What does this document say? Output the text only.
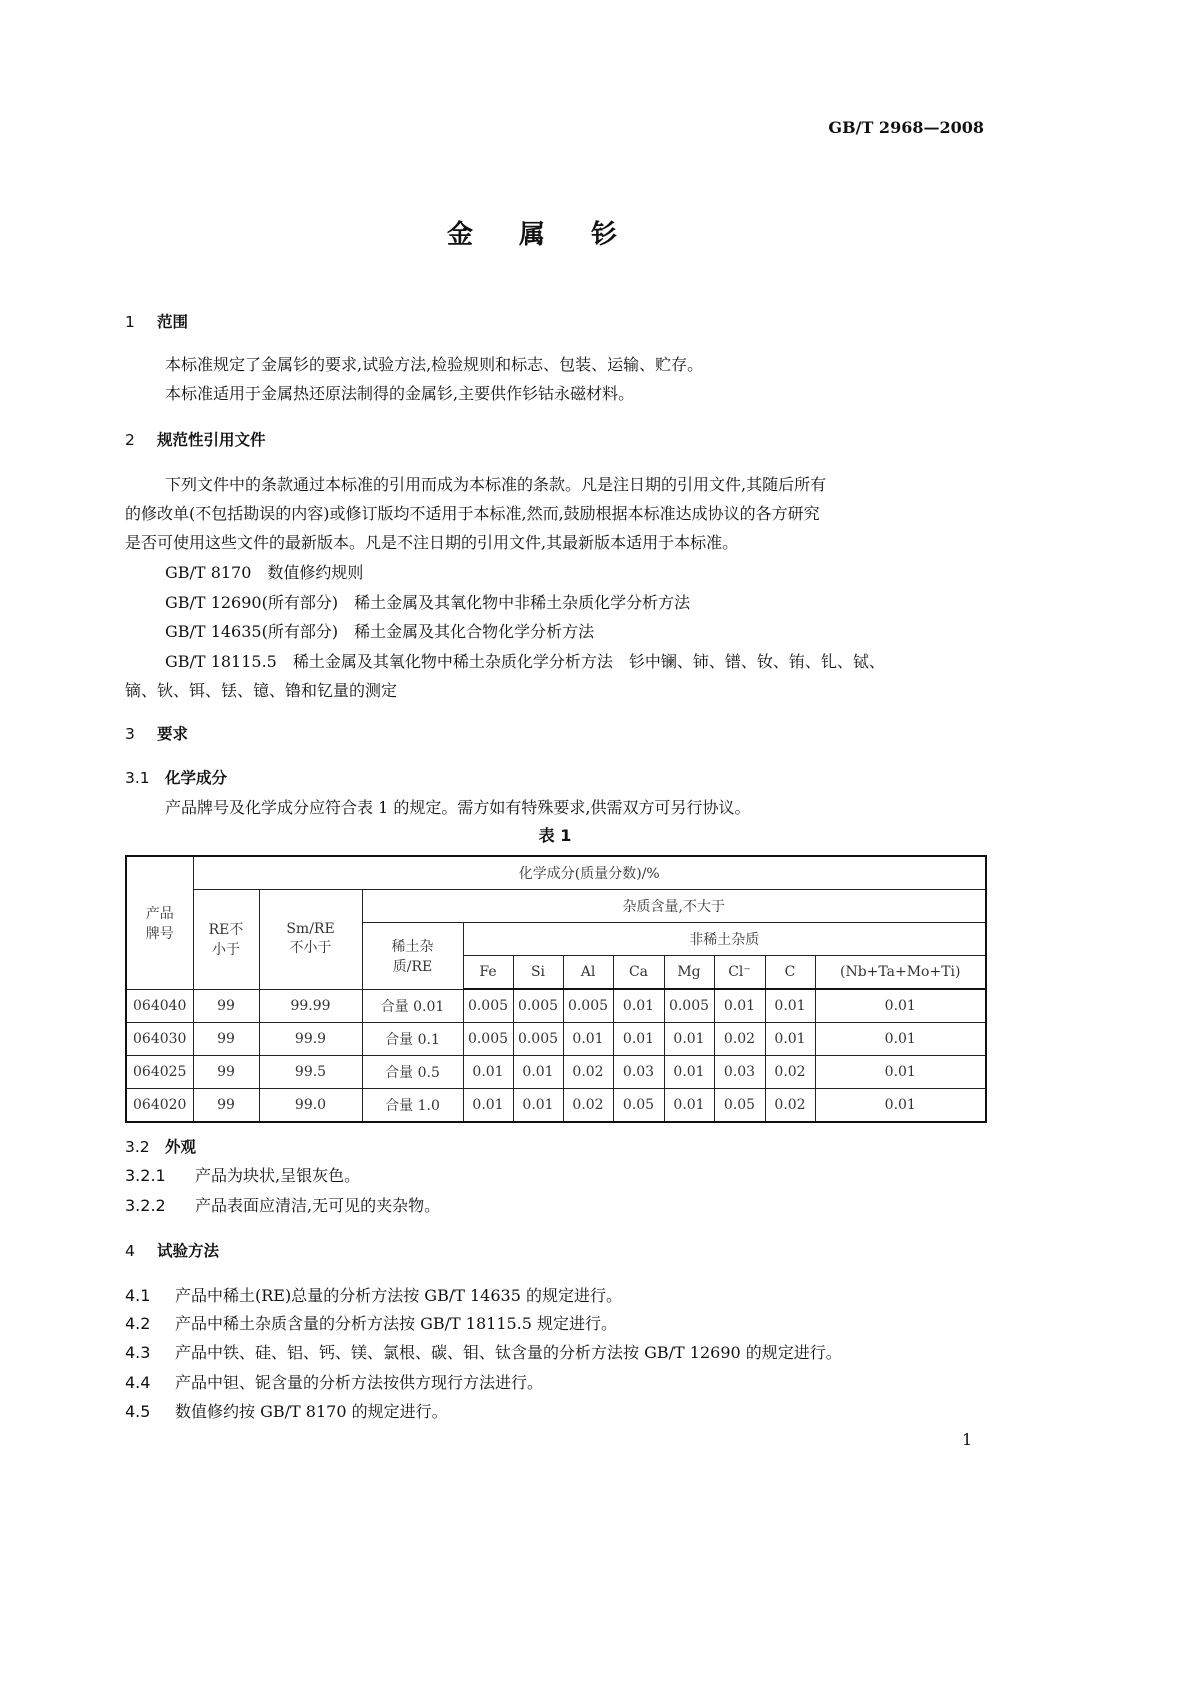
GB/T 2968—2008
金属钐
1 范围
本标准规定了金属钐的要求,试验方法,检验规则和标志、包装、运输、贮存。
本标准适用于金属热还原法制得的金属钐,主要供作钐钴永磁材料。
2 规范性引用文件
下列文件中的条款通过本标准的引用而成为本标准的条款。凡是注日期的引用文件,其随后所有
的修改单(不包括勘误的内容)或修订版均不适用于本标准,然而,鼓励根据本标准达成协议的各方研究
是否可使用这些文件的最新版本。凡是不注日期的引用文件,其最新版本适用于本标准。
GB/T 8170　数值修约规则
GB/T 12690(所有部分)　稀土金属及其氧化物中非稀土杂质化学分析方法
GB/T 14635(所有部分)　稀土金属及其化合物化学分析方法
GB/T 18115.5　稀土金属及其氧化物中稀土杂质化学分析方法　钐中镧、铈、镨、钕、铕、钆、铽、
镝、钬、铒、铥、镱、镥和钇量的测定
3 要求
3.1 化学成分
产品牌号及化学成分应符合表 1 的规定。需方如有特殊要求,供需双方可另行协议。
表 1
产品牌号	化学成分(质量分数)/%										
	RE不小于	Sm/RE不小于	杂质含量,不大于								
			稀土杂质/RE	非稀土杂质							
				Fe	Si	Al	Ca	Mg	Cl⁻	C	(Nb+Ta+Mo+Ti)
064040	99	99.99	合量 0.01	0.005	0.005	0.005	0.01	0.005	0.01	0.01	0.01
064030	99	99.9	合量 0.1	0.005	0.005	0.01	0.01	0.01	0.02	0.01	0.01
064025	99	99.5	合量 0.5	0.01	0.01	0.02	0.03	0.01	0.03	0.02	0.01
064020	99	99.0	合量 1.0	0.01	0.01	0.02	0.05	0.01	0.05	0.02	0.01
3.2 外观
3.2.1 产品为块状,呈银灰色。
3.2.2 产品表面应清洁,无可见的夹杂物。
4 试验方法
4.1 产品中稀土(RE)总量的分析方法按 GB/T 14635 的规定进行。
4.2 产品中稀土杂质含量的分析方法按 GB/T 18115.5 规定进行。
4.3 产品中铁、硅、铝、钙、镁、氯根、碳、钼、钛含量的分析方法按 GB/T 12690 的规定进行。
4.4 产品中钽、铌含量的分析方法按供方现行方法进行。
4.5 数值修约按 GB/T 8170 的规定进行。
1
